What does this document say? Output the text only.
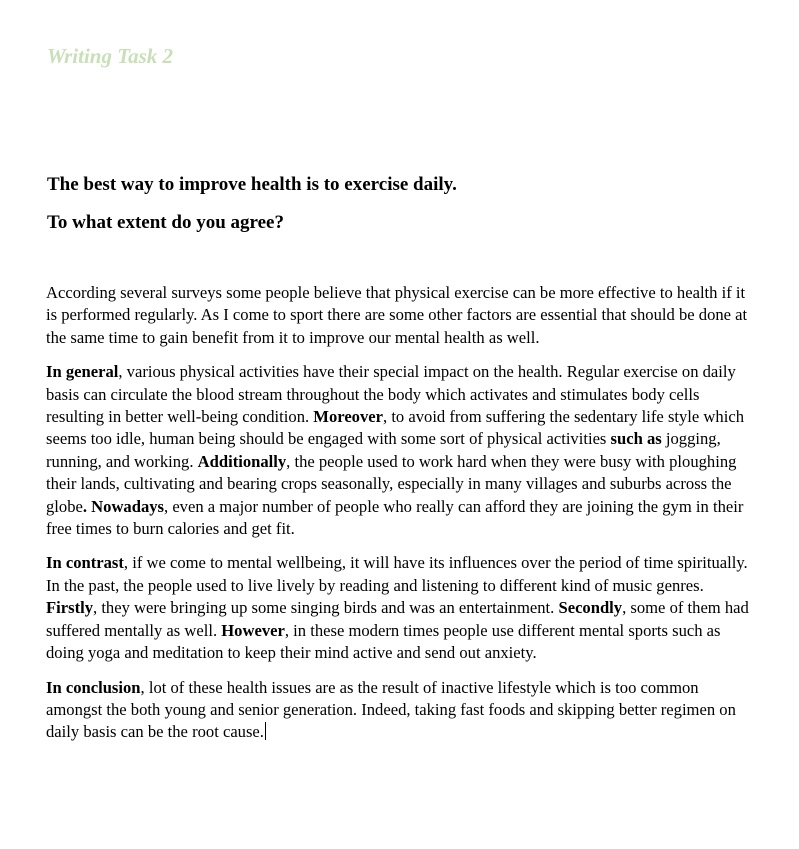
Writing Task 2

The best way to improve health is to exercise daily.

To what extent do you agree?

According several surveys some people believe that physical exercise can be more effective to health if it is performed regularly. As I come to sport there are some other factors are essential that should be done at the same time to gain benefit from it to improve our mental health as well.

In general, various physical activities have their special impact on the health. Regular exercise on daily basis can circulate the blood stream throughout the body which activates and stimulates body cells resulting in better well-being condition. Moreover, to avoid from suffering the sedentary life style which seems too idle, human being should be engaged with some sort of physical activities such as jogging, running, and working. Additionally, the people used to work hard when they were busy with ploughing their lands, cultivating and bearing crops seasonally, especially in many villages and suburbs across the globe. Nowadays, even a major number of people who really can afford they are joining the gym in their free times to burn calories and get fit.

In contrast, if we come to mental wellbeing, it will have its influences over the period of time spiritually. In the past, the people used to live lively by reading and listening to different kind of music genres. Firstly, they were bringing up some singing birds and was an entertainment. Secondly, some of them had suffered mentally as well. However, in these modern times people use different mental sports such as doing yoga and meditation to keep their mind active and send out anxiety.

In conclusion, lot of these health issues are as the result of inactive lifestyle which is too common amongst the both young and senior generation. Indeed, taking fast foods and skipping better regimen on daily basis can be the root cause.
